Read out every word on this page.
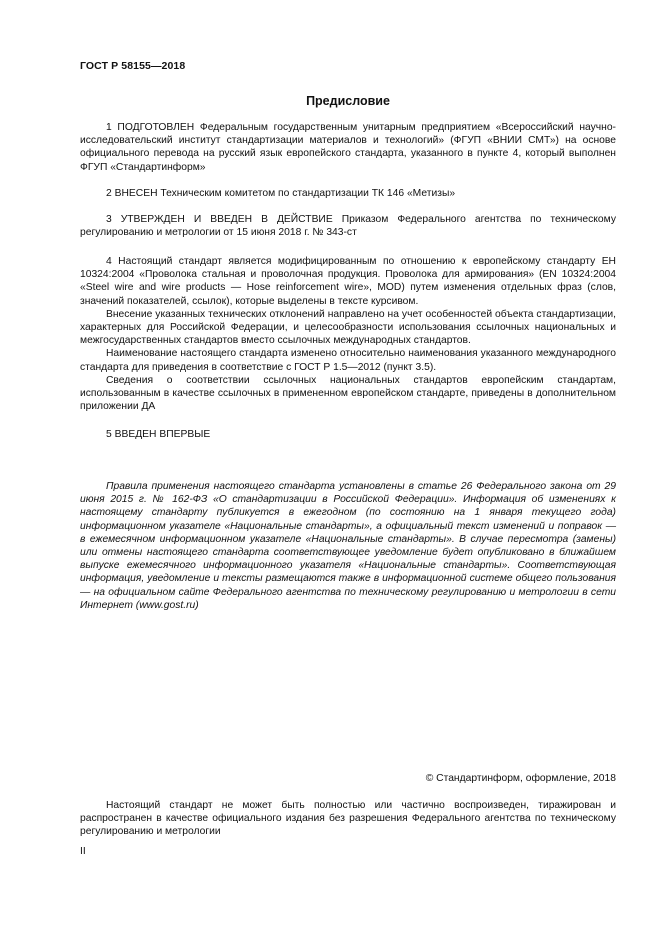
ГОСТ Р 58155—2018
Предисловие

1 ПОДГОТОВЛЕН Федеральным государственным унитарным предприятием «Всероссийский научно-исследовательский институт стандартизации материалов и технологий» (ФГУП «ВНИИ СМТ») на основе официального перевода на русский язык европейского стандарта, указанного в пункте 4, который выполнен ФГУП «Стандартинформ»

2 ВНЕСЕН Техническим комитетом по стандартизации ТК 146 «Метизы»

3 УТВЕРЖДЕН И ВВЕДЕН В ДЕЙСТВИЕ Приказом Федерального агентства по техническому регулированию и метрологии от 15 июня 2018 г. № 343-ст

4 Настоящий стандарт является модифицированным по отношению к европейскому стандарту ЕН 10324:2004 «Проволока стальная и проволочная продукция. Проволока для армирования» (EN 10324:2004 «Steel wire and wire products — Hose reinforcement wire», MOD) путем изменения отдельных фраз (слов, значений показателей, ссылок), которые выделены в тексте курсивом.

Внесение указанных технических отклонений направлено на учет особенностей объекта стандартизации, характерных для Российской Федерации, и целесообразности использования ссылочных национальных и межгосударственных стандартов вместо ссылочных международных стандартов.

Наименование настоящего стандарта изменено относительно наименования указанного международного стандарта для приведения в соответствие с ГОСТ Р 1.5—2012 (пункт 3.5).

Сведения о соответствии ссылочных национальных стандартов европейским стандартам, использованным в качестве ссылочных в примененном европейском стандарте, приведены в дополнительном приложении ДА

5 ВВЕДЕН ВПЕРВЫЕ

Правила применения настоящего стандарта установлены в статье 26 Федерального закона от 29 июня 2015 г. № 162-ФЗ «О стандартизации в Российской Федерации». Информация об изменениях к настоящему стандарту публикуется в ежегодном (по состоянию на 1 января текущего года) информационном указателе «Национальные стандарты», а официальный текст изменений и поправок — в ежемесячном информационном указателе «Национальные стандарты». В случае пересмотра (замены) или отмены настоящего стандарта соответствующее уведомление будет опубликовано в ближайшем выпуске ежемесячного информационного указателя «Национальные стандарты». Соответствующая информация, уведомление и тексты размещаются также в информационной системе общего пользования — на официальном сайте Федерального агентства по техническому регулированию и метрологии в сети Интернет (www.gost.ru)

© Стандартинформ, оформление, 2018

Настоящий стандарт не может быть полностью или частично воспроизведен, тиражирован и распространен в качестве официального издания без разрешения Федерального агентства по техническому регулированию и метрологии

II
